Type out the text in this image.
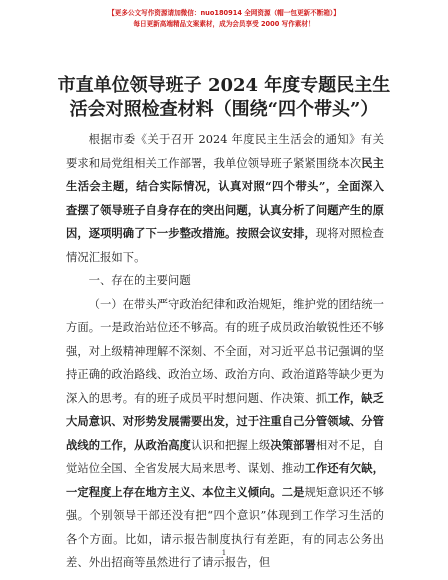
【更多公文写作资源请加微信：nuo180914 全网资源（帽一包更新不断箱）】
每日更新高端精品文案素材，成为会员享受 2000 写作素材！
市直单位领导班子 2024 年度专题民主生活会对照检查材料（围绕“四个带头”）

根据市委《关于召开 2024 年度民主生活会的通知》有关要求和局党组相关工作部署，我单位领导班子紧紧围绕本次民主生活会主题，结合实际情况，认真对照“四个带头”，全面深入查摆了领导班子自身存在的突出问题，认真分析了问题产生的原因，逐项明确了下一步整改措施。按照会议安排，现将对照检查情况汇报如下。

一、存在的主要问题

（一）在带头严守政治纪律和政治规矩，维护党的团结统一方面。一是政治站位还不够高。有的班子成员政治敏锐性还不够强，对上级精神理解不深刻、不全面，对习近平总书记强调的坚持正确的政治路线、政治立场、政治方向、政治道路等缺少更为深入的思考。有的班子成员平时想问题、作决策、抓工作，缺乏大局意识、对形势发展需要出发，过于注重自己分管领域、分管战线的工作，从政治高度认识和把握上级决策部署相对不足，自觉站位全国、全省发展大局来思考、谋划、推动工作还有欠缺，一定程度上存在地方主义、本位主义倾向。二是规矩意识还不够强。个别领导干部还没有把“四个意识”体现到工作学习生活的各个方面。比如，请示报告制度执行有差距，有的同志公务出差、外出招商等虽然进行了请示报告，但

1
